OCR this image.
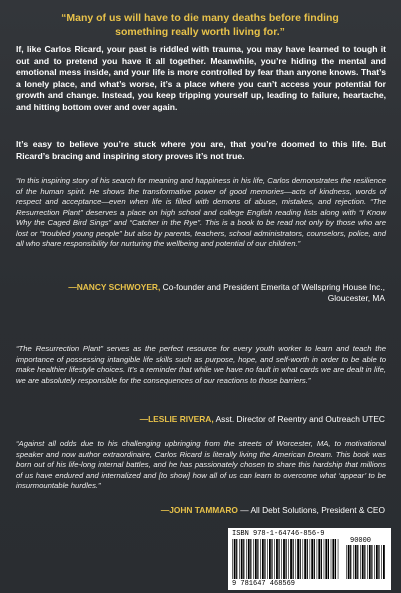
“Many of us will have to die many deaths before finding something really worth living for.”
If, like Carlos Ricard, your past is riddled with trauma, you may have learned to tough it out and to pretend you have it all together. Meanwhile, you’re hiding the mental and emotional mess inside, and your life is more controlled by fear than anyone knows. That’s a lonely place, and what’s worse, it’s a place where you can’t access your potential for growth and change. Instead, you keep tripping yourself up, leading to failure, heartache, and hitting bottom over and over again.
It’s easy to believe you’re stuck where you are, that you’re doomed to this life. But Ricard’s bracing and inspiring story proves it’s not true.
“In this inspiring story of his search for meaning and happiness in his life, Carlos demonstrates the resilience of the human spirit. He shows the transformative power of good memories—acts of kindness, words of respect and acceptance—even when life is filled with demons of abuse, mistakes, and rejection. “The Resurrection Plant” deserves a place on high school and college English reading lists along with “I Know Why the Caged Bird Sings” and “Catcher in the Rye”. This is a book to be read not only by those who are lost or “troubled young people” but also by parents, teachers, school administrators, counselors, police, and all who share responsibility for nurturing the wellbeing and potential of our children.”
—NANCY SCHWOYER, Co-founder and President Emerita of Wellspring House Inc., Gloucester, MA
“The Resurrection Plant” serves as the perfect resource for every youth worker to learn and teach the importance of possessing intangible life skills such as purpose, hope, and self-worth in order to be able to make healthier lifestyle choices. It’s a reminder that while we have no fault in what cards we are dealt in life, we are absolutely responsible for the consequences of our reactions to those barriers.”
—LESLIE RIVERA, Asst. Director of Reentry and Outreach UTEC
“Against all odds due to his challenging upbringing from the streets of Worcester, MA, to motivational speaker and now author extraordinaire, Carlos Ricard is literally living the American Dream. This book was born out of his life-long internal battles, and he has passionately chosen to share this hardship that millions of us have endured and internalized and [to show] how all of us can learn to overcome what ‘appear’ to be insurmountable hurdles.”
—JOHN TAMMARO — All Debt Solutions, President & CEO
ISBN 978-1-64746-856-9
90000
9 781647 468569
